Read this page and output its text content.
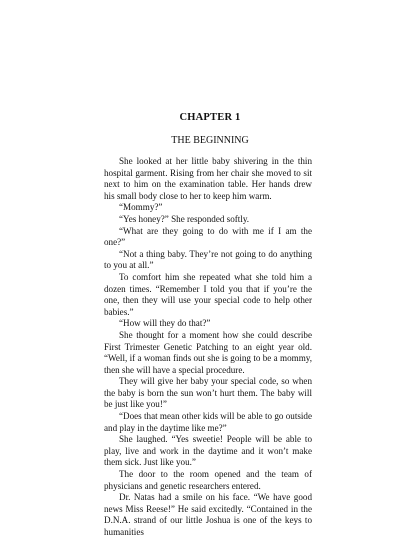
CHAPTER 1
THE BEGINNING

She looked at her little baby shivering in the thin hospital garment. Rising from her chair she moved to sit next to him on the examination table. Her hands drew his small body close to her to keep him warm.

“Mommy?”

“Yes honey?” She responded softly.

“What are they going to do with me if I am the one?”

“Not a thing baby. They’re not going to do anything to you at all.”

To comfort him she repeated what she told him a dozen times. “Remember I told you that if you’re the one, then they will use your special code to help other babies.”

“How will they do that?”

She thought for a moment how she could describe First Trimester Genetic Patching to an eight year old. “Well, if a woman finds out she is going to be a mommy, then she will have a special procedure.

They will give her baby your special code, so when the baby is born the sun won’t hurt them. The baby will be just like you!”

“Does that mean other kids will be able to go outside and play in the daytime like me?”

She laughed. “Yes sweetie! People will be able to play, live and work in the daytime and it won’t make them sick. Just like you.”

The door to the room opened and the team of physicians and genetic researchers entered.

Dr. Natas had a smile on his face. “We have good news Miss Reese!” He said excitedly. “Contained in the D.N.A. strand of our little Joshua is one of the keys to humanities
